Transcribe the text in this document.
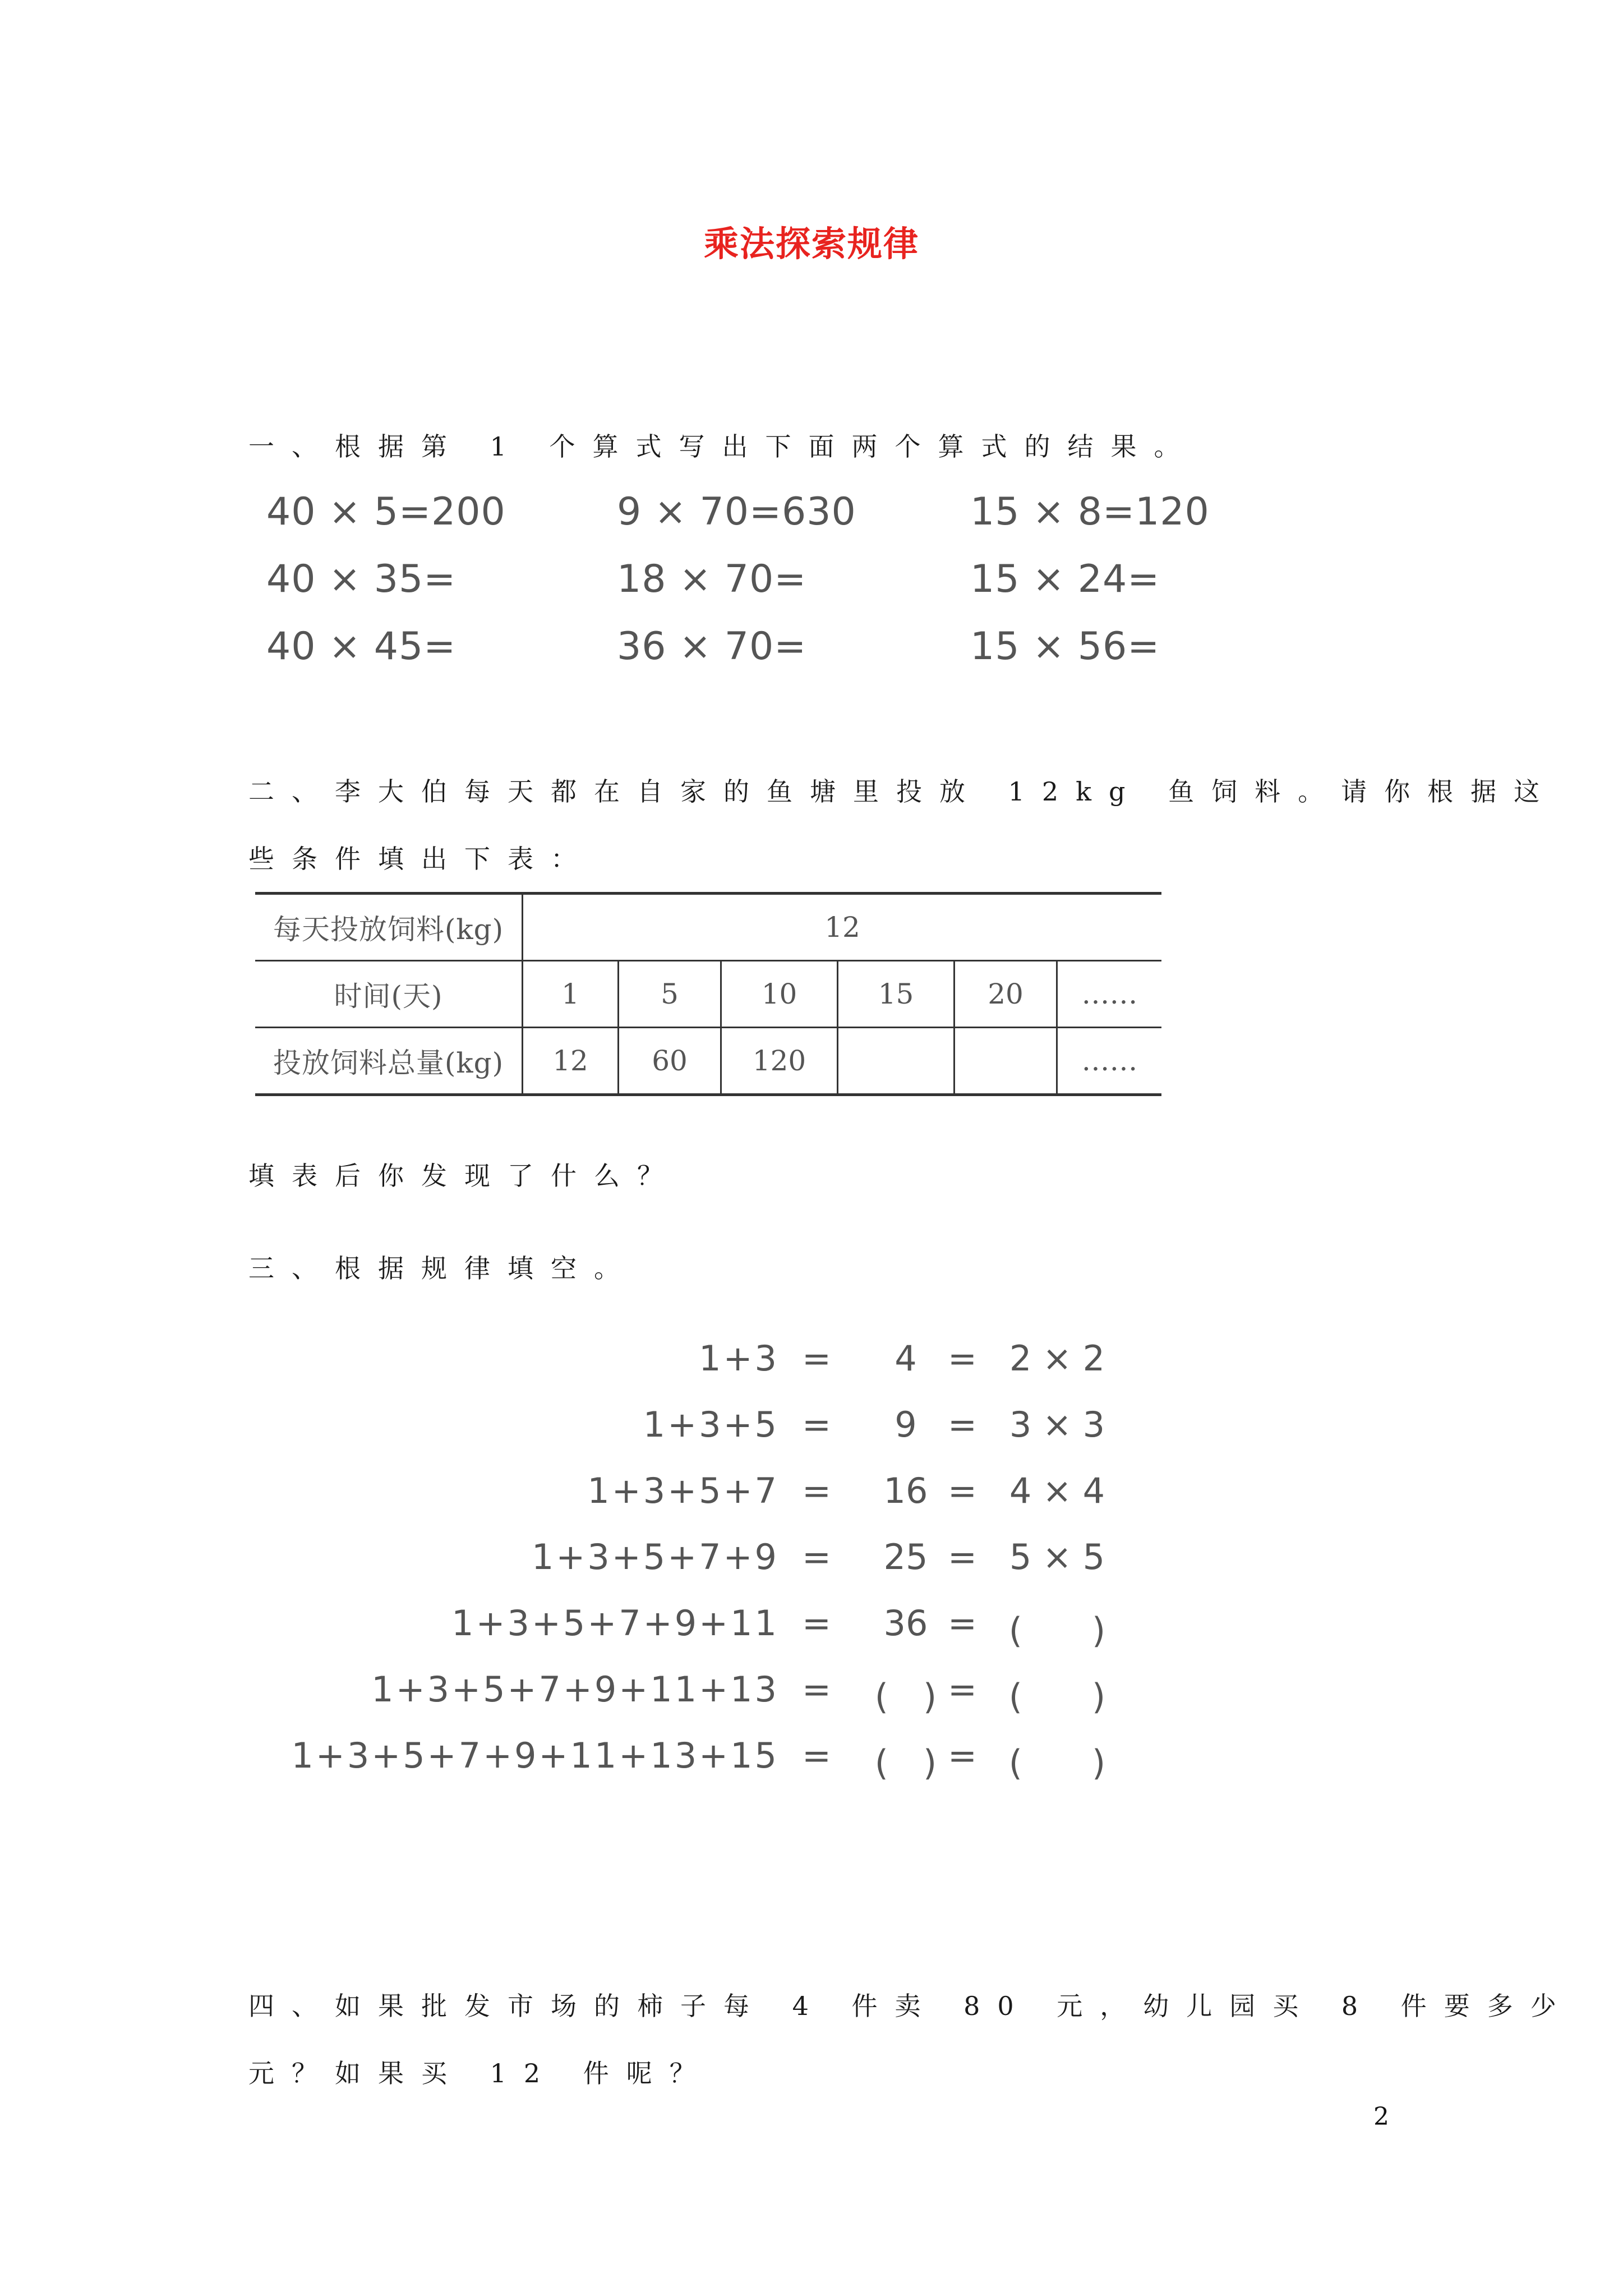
乘法探索规律
一、根据第 1 个算式写出下面两个算式的结果。
40 × 5=200	9 × 70=630	15 × 8=120
40 × 35=	18 × 70=	15 × 24=
40 × 45=	36 × 70=	15 × 56=
二、李大伯每天都在自家的鱼塘里投放 12kg 鱼饲料。请你根据这
些条件填出下表：
每天投放饲料(kg)	12					
时间(天)	1	5	10	15	20	……
投放饲料总量(kg)	12	60	120			……
填表后你发现了什么？
三、根据规律填空。
1+3 =	4 = 2 × 2
1+3+5 =	9 = 3 × 3
1+3+5+7 =	16 = 4 × 4
1+3+5+7+9 =	25 = 5 × 5
1+3+5+7+9+11 =	36 = (　　)
1+3+5+7+9+11+13 =	(　) = (　　)
1+3+5+7+9+11+13+15 =	(　) = (　　)
四、如果批发市场的柿子每 4 件卖 80 元，幼儿园买 8 件要多少
元？如果买 12 件呢？
2
